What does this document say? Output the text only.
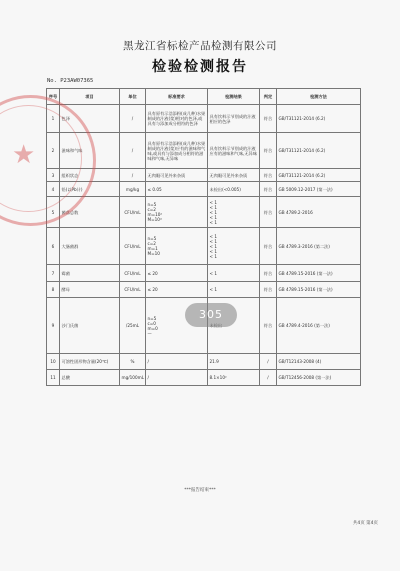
黑龙江省标检产品检测有限公司
检验检测报告
No. P23AW07365
序号	项目	单位	标准要求	检测结果	判定	检测方法
1	色泽	/	具有原有示浩添粉(成几种)水果制成的汁液(浆)相对的色泽,或具有与添加成分相符的色泽	具有饮料示节别成的汁液相应的色泽	符合	GB/T31121-2014 (6.2)
2	滋味和气味	/	具有原有示浩添粉(成几种)水果制成的汁液(浆)应有的滋味和气味,或具有与添加成分相符的滋味和气味,无异味	具有饮料示节别成的汁液应有的滋味和气味,无异味	符合	GB/T31121-2014 (6.2)
3	组织状态	/	无肉眼可见外来杂质	无肉眼可见外来杂质	符合	GB/T31121-2014 (6.2)
4	铅(以Pb计)	mg/kg	≤ 0.05	未检出(<0.005)	符合	GB 5009.12-2017 (第一法)
5	菌落总数	CFU/mL	n=5
c=2
m=10²
M=10⁴	< 1
< 1
< 1
< 1
< 1	符合	GB 4789.2-2016
6	大肠菌群	CFU/mL	n=5
c=2
m=1
M=10	< 1
< 1
< 1
< 1
< 1	符合	GB 4789.3-2016 (第二法)
7	霉菌	CFU/mL	≤ 20	< 1	符合	GB 4789.15-2016 (第一法)
8	酵母	CFU/mL	≤ 20	< 1	符合	GB 4789.15-2016 (第一法)
9	沙门氏菌	/25mL	n=5
c=0
m=0
—		符合	GB 4789.4-2016 (第一法)
10	可溶性固形物含量(20℃)	%	/	21.9	/	GB/T12143-2008 (4)
11	总酸	mg/100mL	/	8.1×10²	/	GB/T12456-2008 (第一法)
***报告结束***
共4页 第4页
★
305
